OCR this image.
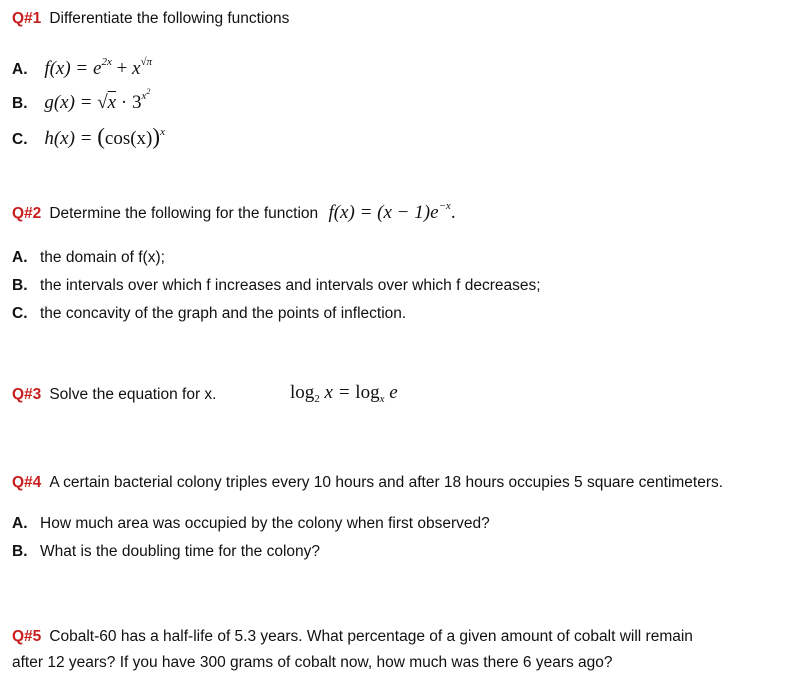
Q#1 Differentiate the following functions
A. $f(x) = e^{2x} + x^{√\pi}$
B. $g(x) = √x \cdot 3^{x^2}$
C. $h(x) = (\cos(x))^x$
Q#2 Determine the following for the function $f(x) = (x - 1)e^{-x}$.
A. the domain of f(x);
B. the intervals over which f increases and intervals over which f decreases;
C. the concavity of the graph and the points of inflection.
Q#3 Solve the equation for x.	$\log_2 x = \log_x e$
Q#4 A certain bacterial colony triples every 10 hours and after 18 hours occupies 5 square centimeters.
A. How much area was occupied by the colony when first observed?
B. What is the doubling time for the colony?
Q#5 Cobalt-60 has a half-life of 5.3 years. What percentage of a given amount of cobalt will remain
after 12 years? If you have 300 grams of cobalt now, how much was there 6 years ago?
